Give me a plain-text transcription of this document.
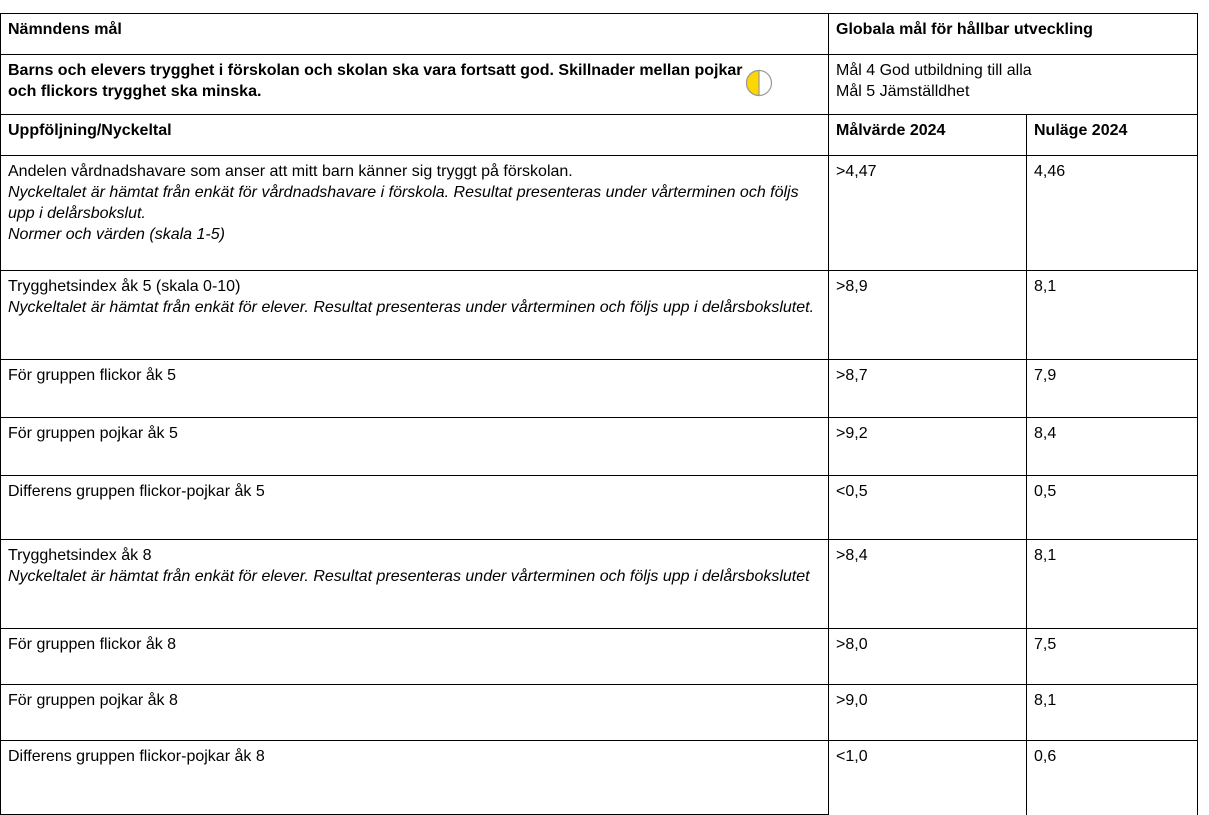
Nämndens mål	Globala mål för hållbar utveckling	

Barns och elevers trygghet i förskolan och skolan ska vara fortsatt god. Skillnader mellan pojkar och flickors trygghet ska minska.	Mål 4 God utbildning till alla
Mål 5 Jämställdhet	

Uppföljning/Nyckeltal	Målvärde 2024	Nuläge 2024

Andelen vårdnadshavare som anser att mitt barn känner sig tryggt på förskolan.
Nyckeltalet är hämtat från enkät för vårdnadshavare i förskola. Resultat presenteras under vårterminen och följs upp i delårsbokslut.
Normer och värden (skala 1-5)	>4,47	4,46

Trygghetsindex åk 5 (skala 0-10)
Nyckeltalet är hämtat från enkät för elever. Resultat presenteras under vårterminen och följs upp i delårsbokslutet.	>8,9	8,1
För gruppen flickor åk 5	>8,7	7,9
För gruppen pojkar åk 5	>9,2	8,4
Differens gruppen flickor-pojkar åk 5	<0,5	0,5

Trygghetsindex åk 8
Nyckeltalet är hämtat från enkät för elever. Resultat presenteras under vårterminen och följs upp i delårsbokslutet	>8,4	8,1
För gruppen flickor åk 8	>8,0	7,5
För gruppen pojkar åk 8	>9,0	8,1
Differens gruppen flickor-pojkar åk 8	<1,0	0,6
